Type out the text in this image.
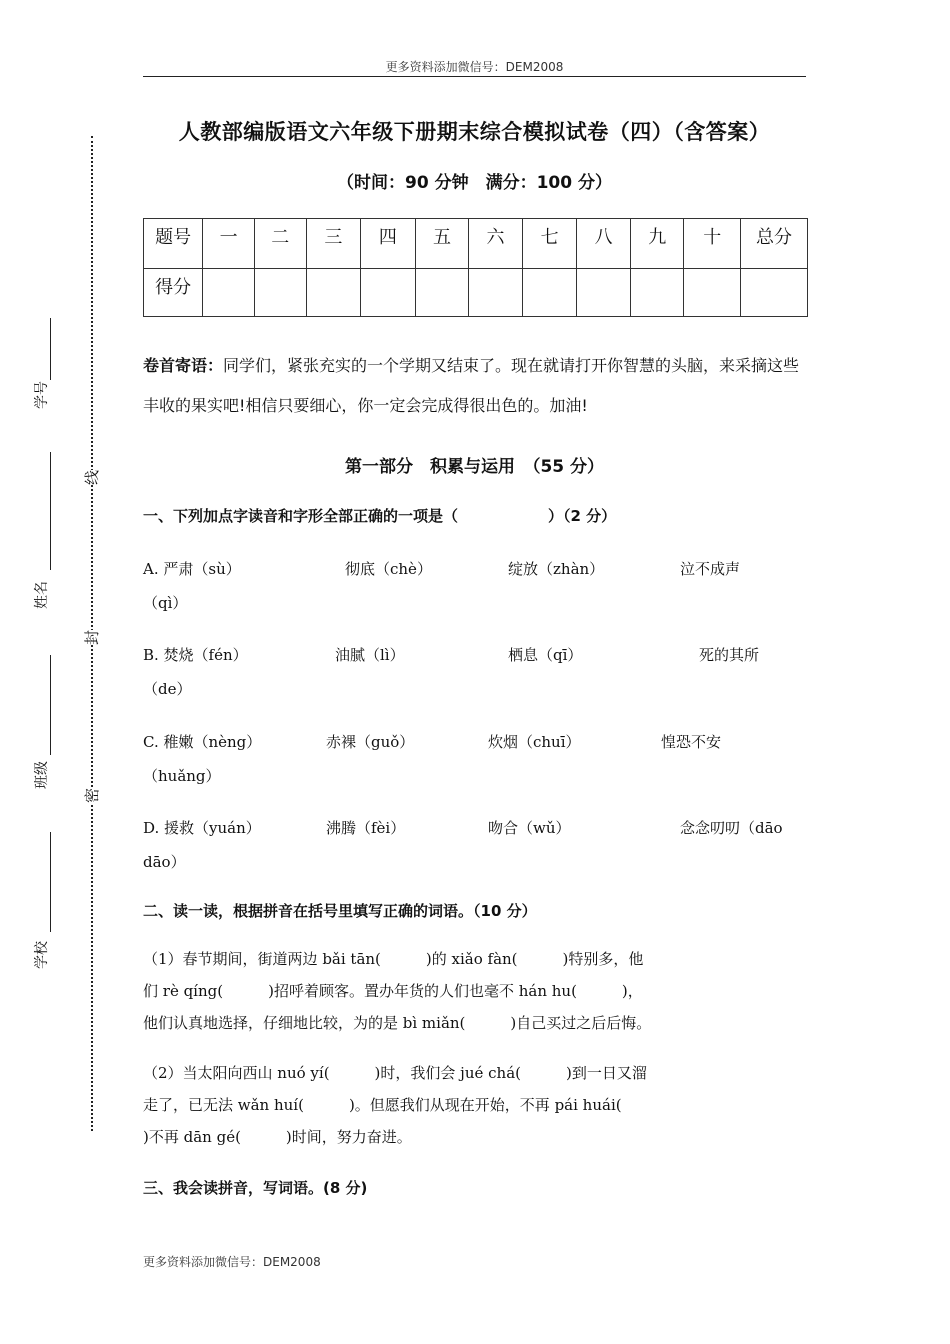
更多资料添加微信号：DEM2008
学号
姓名
班级
学校
线
封
密
人教部编版语文六年级下册期末综合模拟试卷（四）（含答案）
（时间：90 分钟　满分：100 分）
题号	一	二	三	四	五	六	七	八	九	十	总分
得分											
卷首寄语：同学们，紧张充实的一个学期又结束了。现在就请打开你智慧的头脑，来采摘这些丰收的果实吧!相信只要细心，你一定会完成得很出色的。加油!
第一部分　积累与运用　（55 分）
一、下列加点字读音和字形全部正确的一项是（　　　　　　）（2 分）
A. 严肃（sù）	彻底（chè）	绽放（zhàn）	泣不成声
（qì）
B. 焚烧（fén）	油腻（lì）	栖息（qī）	死的其所
（de）
C. 稚嫩（nèng）	赤裸（guǒ）	炊烟（chuī）	惶恐不安
（huǎng）
D. 援救（yuán）	沸腾（fèi）	吻合（wǔ）	念念叨叨（dāo
dāo）
二、读一读，根据拼音在括号里填写正确的词语。（10 分）
（1）春节期间，街道两边 bǎi tān(　　　)的 xiǎo fàn(　　　)特别多，他
们 rè qíng(　　　)招呼着顾客。置办年货的人们也毫不 hán hu(　　　)，
他们认真地选择，仔细地比较，为的是 bì miǎn(　　　)自己买过之后后悔。
（2）当太阳向西山 nuó yí(　　　)时，我们会 jué chá(　　　)到一日又溜
走了，已无法 wǎn huí(　　　)。但愿我们从现在开始，不再 pái huái(
)不再 dān gé(　　　)时间，努力奋进。
三、我会读拼音，写词语。(8 分)
更多资料添加微信号：DEM2008
